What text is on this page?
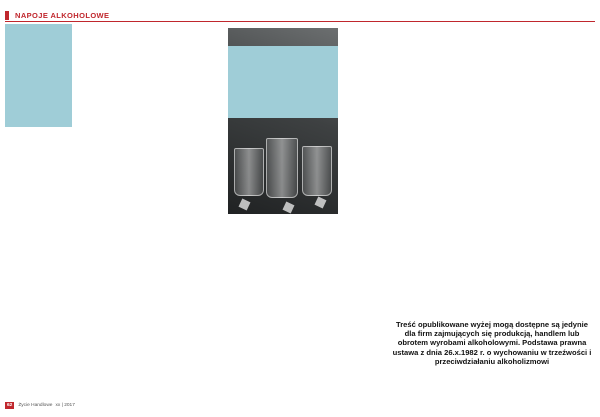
NAPOJE ALKOHOLOWE
Treść opublikowane wyżej mogą dostępne są jedynie dla firm zajmujących się produkcją, handlem lub obrotem wyrobami alkoholowymi. Podstawa prawna ustawa z dnia 26.x.1982 r. o wychowaniu w trzeźwości i przeciwdziałaniu alkoholizmowi
62	Życie Handlowe xx | 2017
